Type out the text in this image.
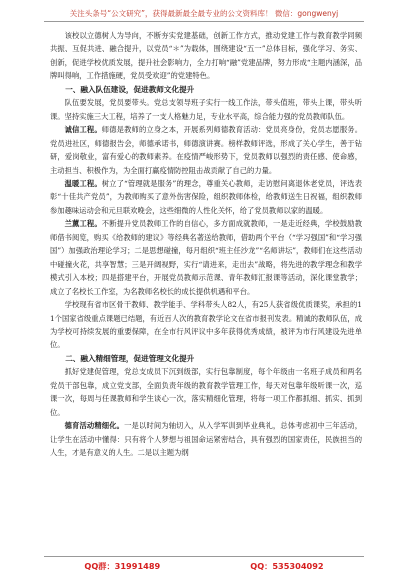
关注头条号“公文研究”，获得最新最全最专业的公文资料库！ 微信：gongwenyj

该校以立德树人为导向，不断夯实党建基础，创新工作方式，推动党建工作与教育教学同频共振、互促共进、融合提升，以党员“＊”为载体，围绕建设“五一”总体目标，强化学习、务实、创新，促进学校优质发展，提升社会影响力，全力打响“融”党建品牌，努力形成“主题内涵深，品牌叫得响，工作措施硬，党员受欢迎”的党建特色。

一、融入队伍建设，促进教师文化提升

队伍要发展，党员要带头。党总支领导班子实行一线工作法，带头值班，带头上课，带头听课。坚持实施三大工程，培养了一支人格魅力足，专业水平高，综合能力强的党员教师队伍。

诚信工程。师德是教师的立身之本，开展系列师德教育活动：党员亮身份，党员志愿服务。党员进社区，师德报告会，师德承诺书，师德演讲赛。榜样教师评选，形成了关心学生，善于钻研，爱岗敬业，富有爱心的教师素养。在疫情严峻形势下，党员教师以强烈的责任感、使命感，主动担当、积极作为，为全面打赢疫情防控阻击战贡献了自己的力量。

温暖工程。树立了“管理就是服务”的理念，尊重关心教师，走访慰问离退休老党员，评选表彰“十佳共产党员”，为教师购买了意外伤害保险，组织教师体检，给教师送生日祝福，组织教师参加趣味运动会和元旦联欢晚会，这些细微的人性化关怀，给了党员教师以家的温暖。

兰薰工程。不断提升党员教师工作的自信心，多方面成就教师，一是走近经典，学校鼓励教师借书阅览，购买《给教师的建议》等经典名著送给教师，借助两个平台（“学习强国”和“学习强国”）加强政治理论学习；二是思想碰撞，每月组织“班主任沙龙”“名师讲坛”，教师们在这些活动中碰撞火花，共享智慧；三是开阔视野，实行“请进来，走出去”战略，将先进的教学理念和教学模式引入本校；四是搭建平台，开展党员教师示范课、青年教师汇报课等活动，深化课堂教学；成立了名校长工作室，为名教师名校长的成长提供机遇和平台。

学校现有省市区骨干教师、教学能手、学科带头人82人，有25人获省级优质课奖，承担的11个国家省级重点课题已结题，有近百人次的教育教学论文在省市报刊发表。精诚的教师队伍，成为学校可持续发展的重要保障，在全市行风评议中多年获得优秀成绩，被评为市行风建设先进单位。

二、融入精细管理，促进管理文化提升

抓好党建促管理，党总支成员下沉到级部，实行包靠制度，每个年级由一名班子成员和两名党员干部包靠，成立党支部，全面负责年级的教育教学管理工作，每天对包靠年级听课一次，巡课一次，每周与任课教师和学生谈心一次，落实精细化管理，将每一项工作都抓细、抓实、抓到位。

德育活动精细化。一是以时间为轴切入，从入学军训到毕业典礼，总体考虑初中三年活动，让学生在活动中懂得：只有将个人梦想与祖国命运紧密结合，具有强烈的国家责任，民族担当的人生，才是有意义的人生。二是以主题为纲

QQ群：31991489	QQ：535304092
